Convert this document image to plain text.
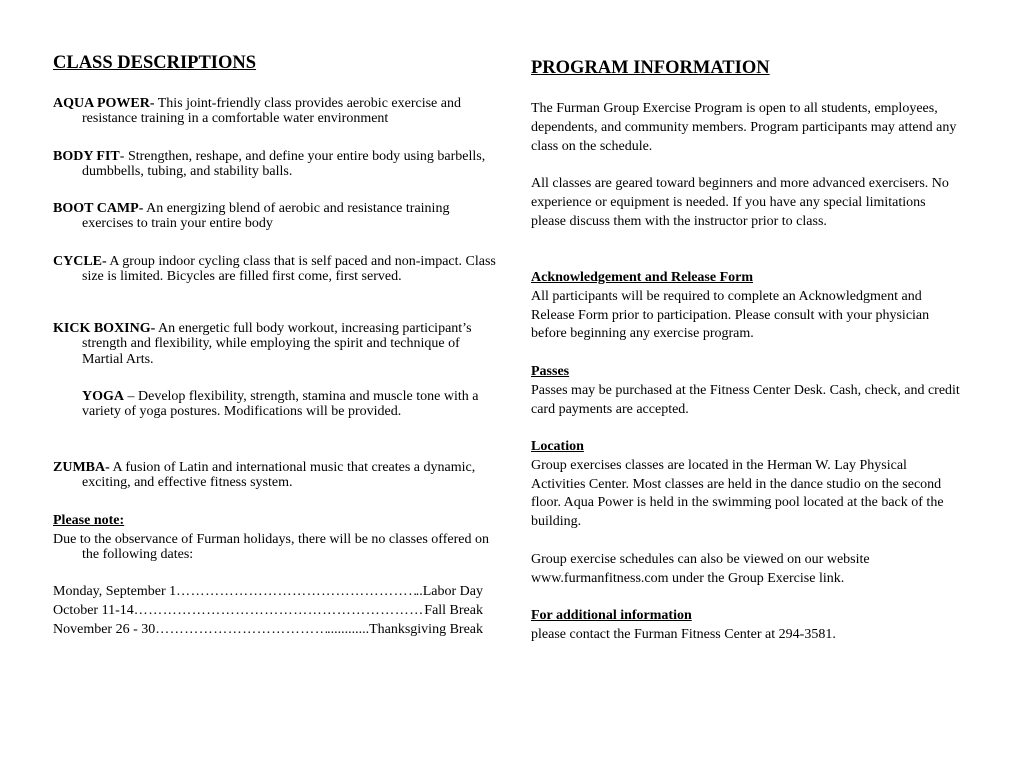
CLASS DESCRIPTIONS
AQUA POWER- This joint-friendly class provides aerobic exercise and resistance training in a comfortable water environment
BODY FIT- Strengthen, reshape, and define your entire body using barbells, dumbbells, tubing, and stability balls.
BOOT CAMP- An energizing blend of aerobic and resistance training exercises to train your entire body
CYCLE- A group indoor cycling class that is self paced and non-impact. Class size is limited. Bicycles are filled first come, first served.
KICK BOXING- An energetic full body workout, increasing participant’s strength and flexibility, while employing the spirit and technique of Martial Arts.
YOGA – Develop flexibility, strength, stamina and muscle tone with a variety of yoga postures. Modifications will be provided.
ZUMBA- A fusion of Latin and international music that creates a dynamic, exciting, and effective fitness system.
Please note:
Due to the observance of Furman holidays, there will be no classes offered on the following dates:
Monday, September 1 ……………………………………………………………………………………………………	..Labor Day
October 11-14 ……………………………………………………………………………………………………	Fall Break
November 26 - 30 ……………………………………………………………………………………………………	............Thanksgiving Break
PROGRAM INFORMATION
The Furman Group Exercise Program is open to all students, employees, dependents, and community members. Program participants may attend any class on the schedule.
All classes are geared toward beginners and more advanced exercisers. No experience or equipment is needed. If you have any special limitations please discuss them with the instructor prior to class.
Acknowledgement and Release Form
All participants will be required to complete an Acknowledgment and Release Form prior to participation. Please consult with your physician before beginning any exercise program.
Passes
Passes may be purchased at the Fitness Center Desk. Cash, check, and credit card payments are accepted.
Location
Group exercises classes are located in the Herman W. Lay Physical Activities Center. Most classes are held in the dance studio on the second floor. Aqua Power is held in the swimming pool located at the back of the building.
Group exercise schedules can also be viewed on our website www.furmanfitness.com under the Group Exercise link.
For additional information
please contact the Furman Fitness Center at 294-3581.
